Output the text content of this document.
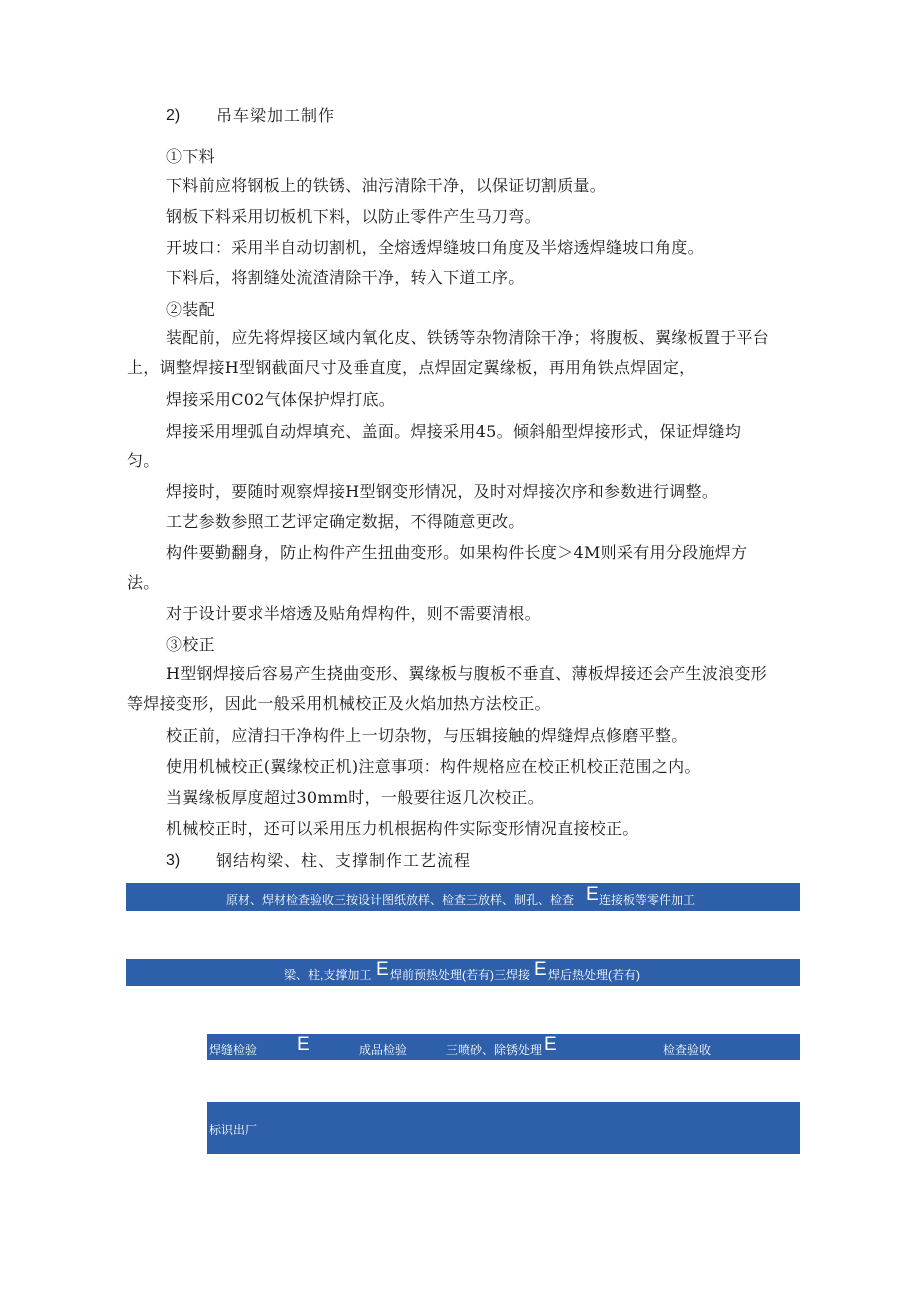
2) 吊车梁加工制作
①下料
下料前应将钢板上的铁锈、油污清除干净，以保证切割质量。
钢板下料采用切板机下料，以防止零件产生马刀弯。
开坡口：采用半自动切割机，全熔透焊缝坡口角度及半熔透焊缝坡口角度。
下料后，将割缝处流渣清除干净，转入下道工序。
②装配
装配前，应先将焊接区域内氧化皮、铁锈等杂物清除干净；将腹板、翼缘板置于平台
上，调整焊接H型钢截面尺寸及垂直度，点焊固定翼缘板，再用角铁点焊固定，
焊接采用C02气体保护焊打底。
焊接采用埋弧自动焊填充、盖面。焊接采用45。倾斜船型焊接形式，保证焊缝均
匀。
焊接时，要随时观察焊接H型钢变形情况，及时对焊接次序和参数进行调整。
工艺参数参照工艺评定确定数据，不得随意更改。
构件要勤翻身，防止构件产生扭曲变形。如果构件长度＞4M则采有用分段施焊方
法。
对于设计要求半熔透及贴角焊构件，则不需要清根。
③校正
H型钢焊接后容易产生挠曲变形、翼缘板与腹板不垂直、薄板焊接还会产生波浪变形
等焊接变形，因此一般采用机械校正及火焰加热方法校正。
校正前，应清扫干净构件上一切杂物，与压辑接触的焊缝焊点修磨平整。
使用机械校正(翼缘校正机)注意事项：构件规格应在校正机校正范围之内。
当翼缘板厚度超过30mm时，一般要往返几次校正。
机械校正时，还可以采用压力机根据构件实际变形情况直接校正。
3) 钢结构梁、柱、支撑制作工艺流程
原材、焊材检查验收三按设计图纸放样、检查三放样、制孔、检查 E 连接板等零件加工
梁、柱,支撑加工 E 焊前预热处理(若有)三焊接 E 焊后热处理(若有)
焊缝检验 E	成品检验	三喷砂、除锈处理 E	检查验收
标识出厂
